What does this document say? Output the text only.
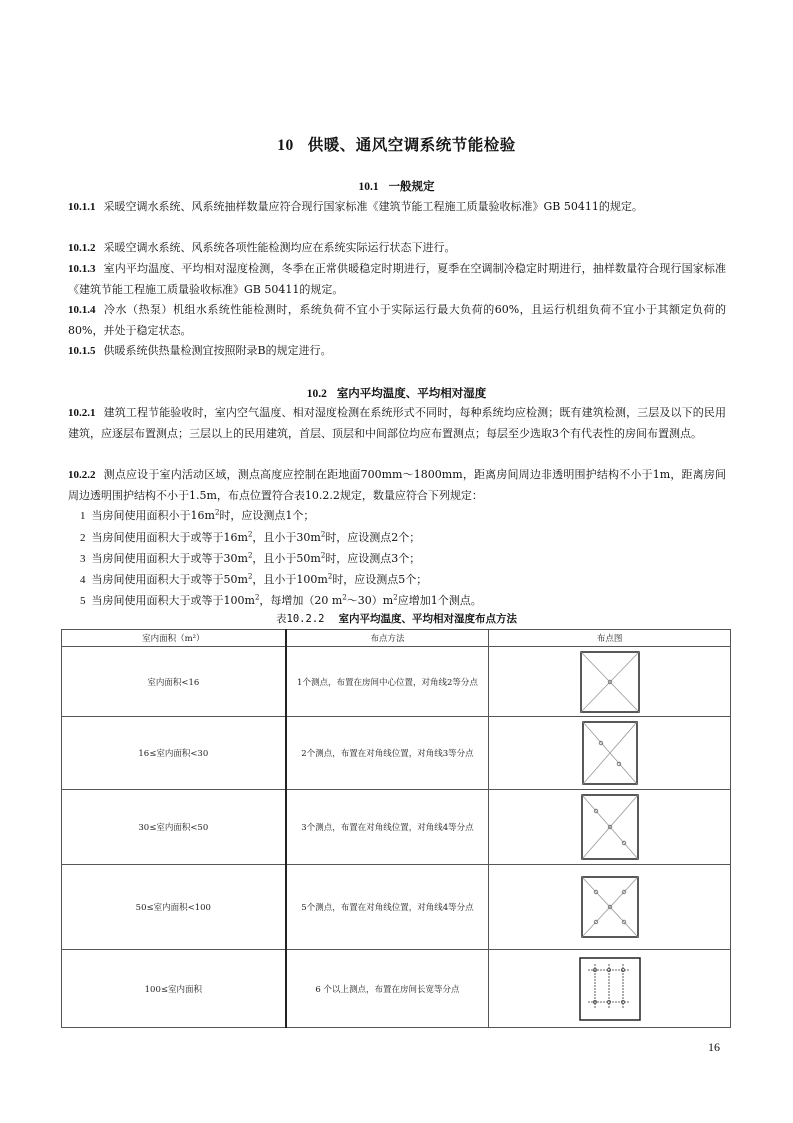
10 供暖、通风空调系统节能检验
10.1 一般规定
10.1.1 采暖空调水系统、风系统抽样数量应符合现行国家标准《建筑节能工程施工质量验收标准》GB 50411的规定。
10.1.2 采暖空调水系统、风系统各项性能检测均应在系统实际运行状态下进行。
10.1.3 室内平均温度、平均相对湿度检测，冬季在正常供暖稳定时期进行，夏季在空调制冷稳定时期进行，抽样数量符合现行国家标准《建筑节能工程施工质量验收标准》GB 50411的规定。
10.1.4 冷水（热泵）机组水系统性能检测时，系统负荷不宜小于实际运行最大负荷的60%，且运行机组负荷不宜小于其额定负荷的80%，并处于稳定状态。
10.1.5 供暖系统供热量检测宜按照附录B的规定进行。
10.2 室内平均温度、平均相对湿度
10.2.1 建筑工程节能验收时，室内空气温度、相对湿度检测在系统形式不同时，每种系统均应检测；既有建筑检测，三层及以下的民用建筑，应逐层布置测点；三层以上的民用建筑，首层、顶层和中间部位均应布置测点；每层至少选取3个有代表性的房间布置测点。
10.2.2 测点应设于室内活动区域，测点高度应控制在距地面700mm～1800mm，距离房间周边非透明围护结构不小于1m，距离房间周边透明围护结构不小于1.5m，布点位置符合表10.2.2规定，数量应符合下列规定：
1 当房间使用面积小于$16m^2$时，应设测点1个；
2 当房间使用面积大于或等于$16m^2$，且小于$30m^2$时，应设测点2个；
3 当房间使用面积大于或等于$30m^2$，且小于$50m^2$时，应设测点3个；
4 当房间使用面积大于或等于$50m^2$，且小于$100m^2$时，应设测点5个；
5 当房间使用面积大于或等于$100m^2$，每增加（20 $m^2\sim 30)m^2$应增加1个测点。
表10.2.2 室内平均温度、平均相对湿度布点方法
室内面积（m²）	布点方法	布点图
室内面积<16	1个测点，布置在房间中心位置，对角线2等分点	

16≤室内面积<30	2个测点，布置在对角线位置，对角线3等分点	

30≤室内面积<50	3个测点，布置在对角线位置，对角线4等分点	

50≤室内面积<100	5个测点，布置在对角线位置，对角线4等分点	

100≤室内面积	6 个以上测点，布置在房间长宽等分点	
16
